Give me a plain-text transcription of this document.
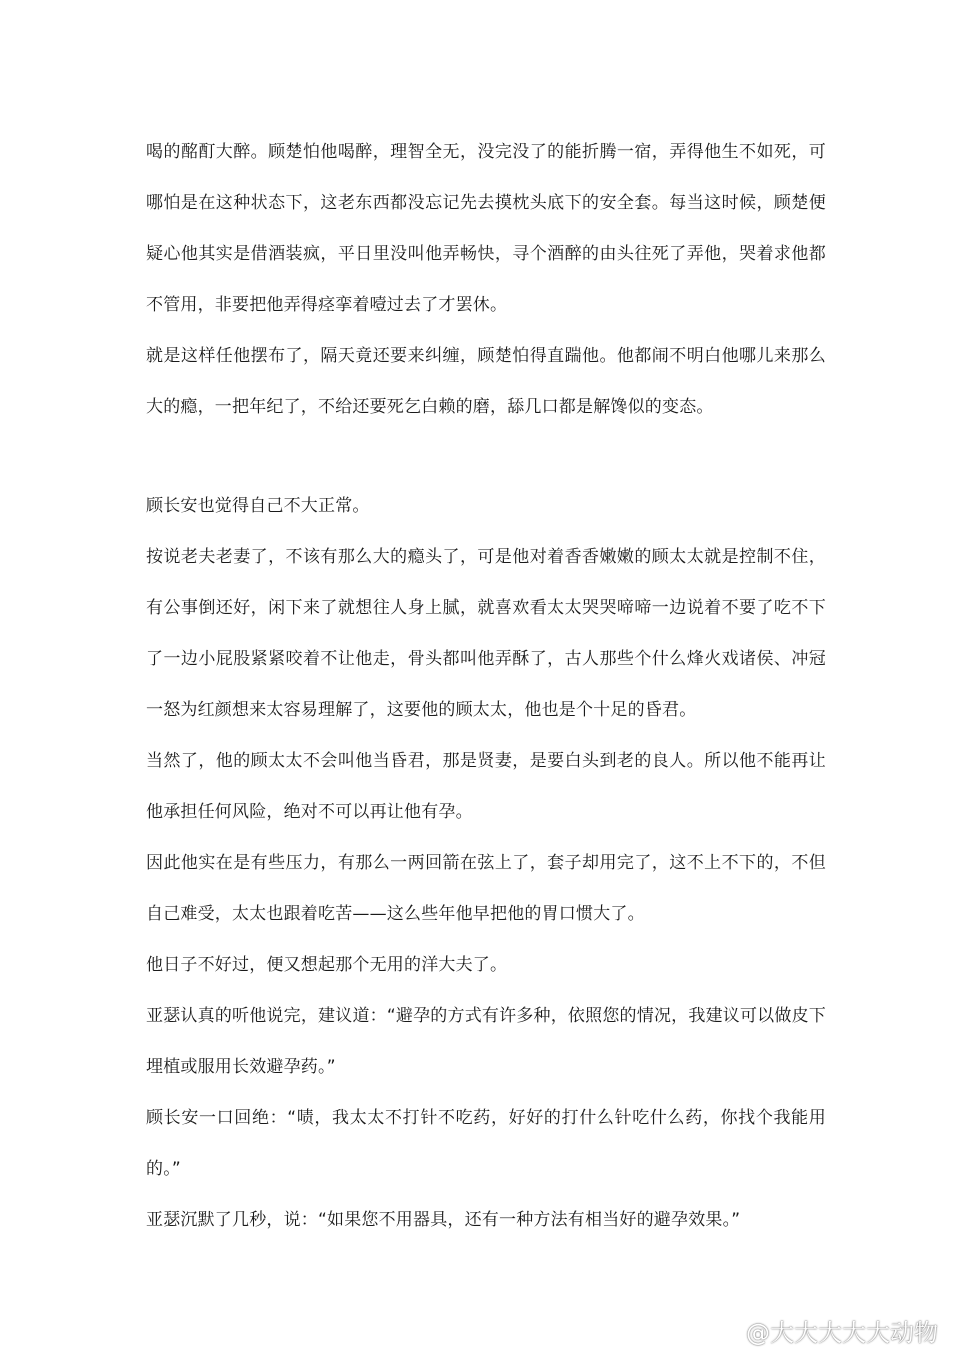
喝的酩酊大醉。顾楚怕他喝醉，理智全无，没完没了的能折腾一宿，弄得他生不如死，可哪怕是在这种状态下，这老东西都没忘记先去摸枕头底下的安全套。每当这时候，顾楚便疑心他其实是借酒装疯，平日里没叫他弄畅快，寻个酒醉的由头往死了弄他，哭着求他都不管用，非要把他弄得痉挛着噎过去了才罢休。

就是这样任他摆布了，隔天竟还要来纠缠，顾楚怕得直踹他。他都闹不明白他哪儿来那么大的瘾，一把年纪了，不给还要死乞白赖的磨，舔几口都是解馋似的变态。

顾长安也觉得自己不大正常。

按说老夫老妻了，不该有那么大的瘾头了，可是他对着香香嫩嫩的顾太太就是控制不住，有公事倒还好，闲下来了就想往人身上腻，就喜欢看太太哭哭啼啼一边说着不要了吃不下了一边小屁股紧紧咬着不让他走，骨头都叫他弄酥了，古人那些个什么烽火戏诸侯、冲冠一怒为红颜想来太容易理解了，这要他的顾太太，他也是个十足的昏君。

当然了，他的顾太太不会叫他当昏君，那是贤妻，是要白头到老的良人。所以他不能再让他承担任何风险，绝对不可以再让他有孕。

因此他实在是有些压力，有那么一两回箭在弦上了，套子却用完了，这不上不下的，不但自己难受，太太也跟着吃苦——这么些年他早把他的胃口惯大了。

他日子不好过，便又想起那个无用的洋大夫了。

亚瑟认真的听他说完，建议道：“避孕的方式有许多种，依照您的情况，我建议可以做皮下埋植或服用长效避孕药。”

顾长安一口回绝：“啧，我太太不打针不吃药，好好的打什么针吃什么药，你找个我能用的。”

亚瑟沉默了几秒，说：“如果您不用器具，还有一种方法有相当好的避孕效果。”

@大大大大大动物
